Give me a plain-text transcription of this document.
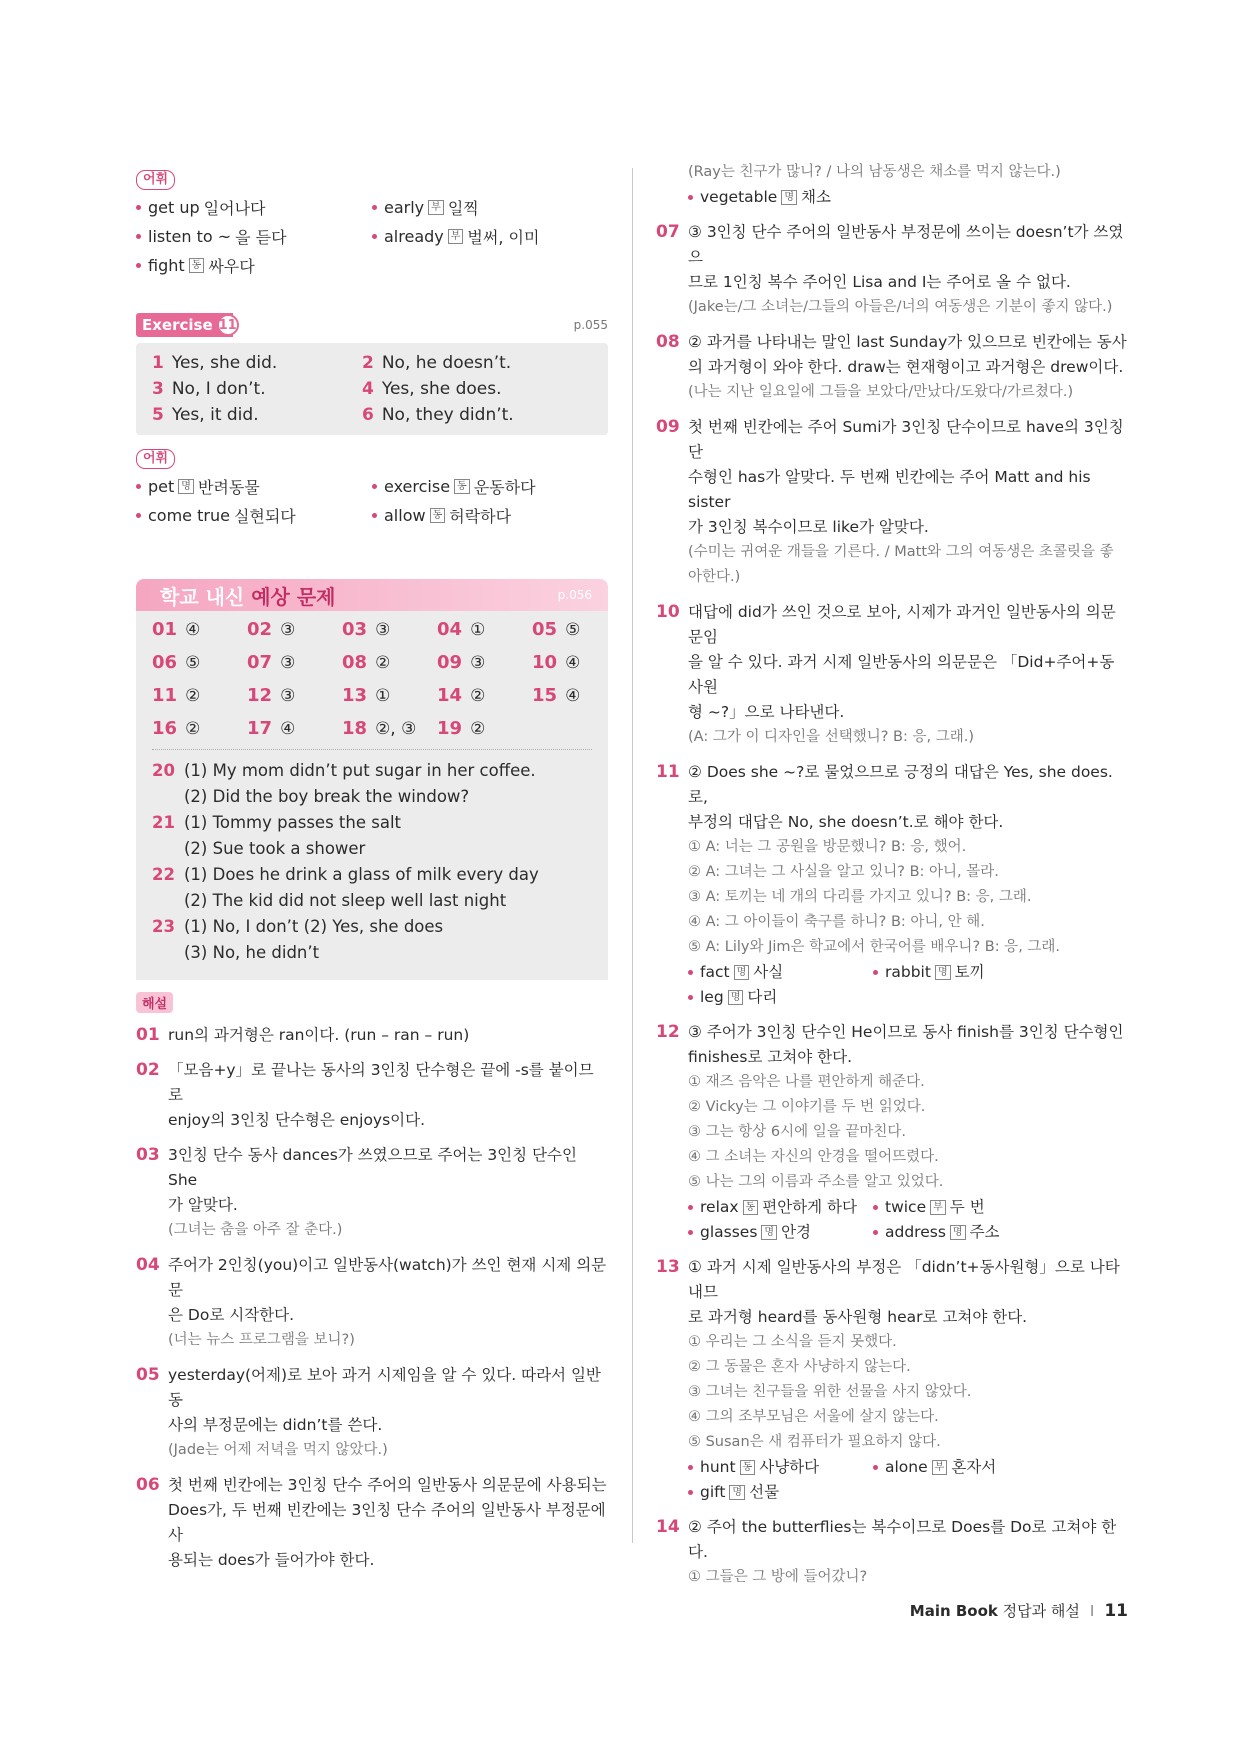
어휘
get up 일어나다	early 부 일찍
listen to ~ 을 듣다	already 부 벌써, 이미
fight 동 싸우다
Exercise 11	p.055
1 Yes, she did.	2 No, he doesn’t.
3 No, I don’t.	4 Yes, she does.
5 Yes, it did.	6 No, they didn’t.
어휘
pet 명 반려동물	exercise 동 운동하다
come true 실현되다	allow 동 허락하다
학교 내신 예상 문제	p.056
01 ④	02 ③	03 ③	04 ①	05 ⑤
06 ⑤	07 ③	08 ②	09 ③	10 ④
11 ②	12 ③	13 ①	14 ②	15 ④
16 ②	17 ④	18 ②, ③	19 ②
20 (1) My mom didn’t put sugar in her coffee.
(2) Did the boy break the window?
21 (1) Tommy passes the salt
(2) Sue took a shower
22 (1) Does he drink a glass of milk every day
(2) The kid did not sleep well last night
23 (1) No, I don’t (2) Yes, she does
(3) No, he didn’t
해설
01 run의 과거형은 ran이다. (run – ran – run)
02 「모음+y」로 끝나는 동사의 3인칭 단수형은 끝에 -s를 붙이므로
enjoy의 3인칭 단수형은 enjoys이다.
03 3인칭 단수 동사 dances가 쓰였으므로 주어는 3인칭 단수인 She
가 알맞다.
(그녀는 춤을 아주 잘 춘다.)
04 주어가 2인칭(you)이고 일반동사(watch)가 쓰인 현재 시제 의문문
은 Do로 시작한다.
(너는 뉴스 프로그램을 보니?)
05 yesterday(어제)로 보아 과거 시제임을 알 수 있다. 따라서 일반동
사의 부정문에는 didn’t를 쓴다.
(Jade는 어제 저녁을 먹지 않았다.)
06 첫 번째 빈칸에는 3인칭 단수 주어의 일반동사 의문문에 사용되는
Does가, 두 번째 빈칸에는 3인칭 단수 주어의 일반동사 부정문에 사
용되는 does가 들어가야 한다.
(Ray는 친구가 많니? / 나의 남동생은 채소를 먹지 않는다.)
vegetable 명 채소
07 ③ 3인칭 단수 주어의 일반동사 부정문에 쓰이는 doesn’t가 쓰였으
므로 1인칭 복수 주어인 Lisa and I는 주어로 올 수 없다.
(Jake는/그 소녀는/그들의 아들은/너의 여동생은 기분이 좋지 않다.)
08 ② 과거를 나타내는 말인 last Sunday가 있으므로 빈칸에는 동사
의 과거형이 와야 한다. draw는 현재형이고 과거형은 drew이다.
(나는 지난 일요일에 그들을 보았다/만났다/도왔다/가르쳤다.)
09 첫 번째 빈칸에는 주어 Sumi가 3인칭 단수이므로 have의 3인칭 단
수형인 has가 알맞다. 두 번째 빈칸에는 주어 Matt and his sister
가 3인칭 복수이므로 like가 알맞다.
(수미는 귀여운 개들을 기른다. / Matt와 그의 여동생은 초콜릿을 좋
아한다.)
10 대답에 did가 쓰인 것으로 보아, 시제가 과거인 일반동사의 의문문임
을 알 수 있다. 과거 시제 일반동사의 의문문은 「Did+주어+동사원
형 ~?」으로 나타낸다.
(A: 그가 이 디자인을 선택했니? B: 응, 그래.)
11 ② Does she ~?로 물었으므로 긍정의 대답은 Yes, she does.로,
부정의 대답은 No, she doesn’t.로 해야 한다.
① A: 너는 그 공원을 방문했니? B: 응, 했어.
② A: 그녀는 그 사실을 알고 있니? B: 아니, 몰라.
③ A: 토끼는 네 개의 다리를 가지고 있니? B: 응, 그래.
④ A: 그 아이들이 축구를 하니? B: 아니, 안 해.
⑤ A: Lily와 Jim은 학교에서 한국어를 배우니? B: 응, 그래.
fact 명 사실	rabbit 명 토끼
leg 명 다리
12 ③ 주어가 3인칭 단수인 He이므로 동사 finish를 3인칭 단수형인
finishes로 고쳐야 한다.
① 재즈 음악은 나를 편안하게 해준다.
② Vicky는 그 이야기를 두 번 읽었다.
③ 그는 항상 6시에 일을 끝마친다.
④ 그 소녀는 자신의 안경을 떨어뜨렸다.
⑤ 나는 그의 이름과 주소를 알고 있었다.
relax 동 편안하게 하다 twice 부 두 번
glasses 명 안경	address 명 주소
13 ① 과거 시제 일반동사의 부정은 「didn’t+동사원형」으로 나타내므
로 과거형 heard를 동사원형 hear로 고쳐야 한다.
① 우리는 그 소식을 듣지 못했다.
② 그 동물은 혼자 사냥하지 않는다.
③ 그녀는 친구들을 위한 선물을 사지 않았다.
④ 그의 조부모님은 서울에 살지 않는다.
⑤ Susan은 새 컴퓨터가 필요하지 않다.
hunt 동 사냥하다	alone 부 혼자서
gift 명 선물
14 ② 주어 the butterflies는 복수이므로 Does를 Do로 고쳐야 한다.
① 그들은 그 방에 들어갔니?
Main Book 정답과 해설 I 11
